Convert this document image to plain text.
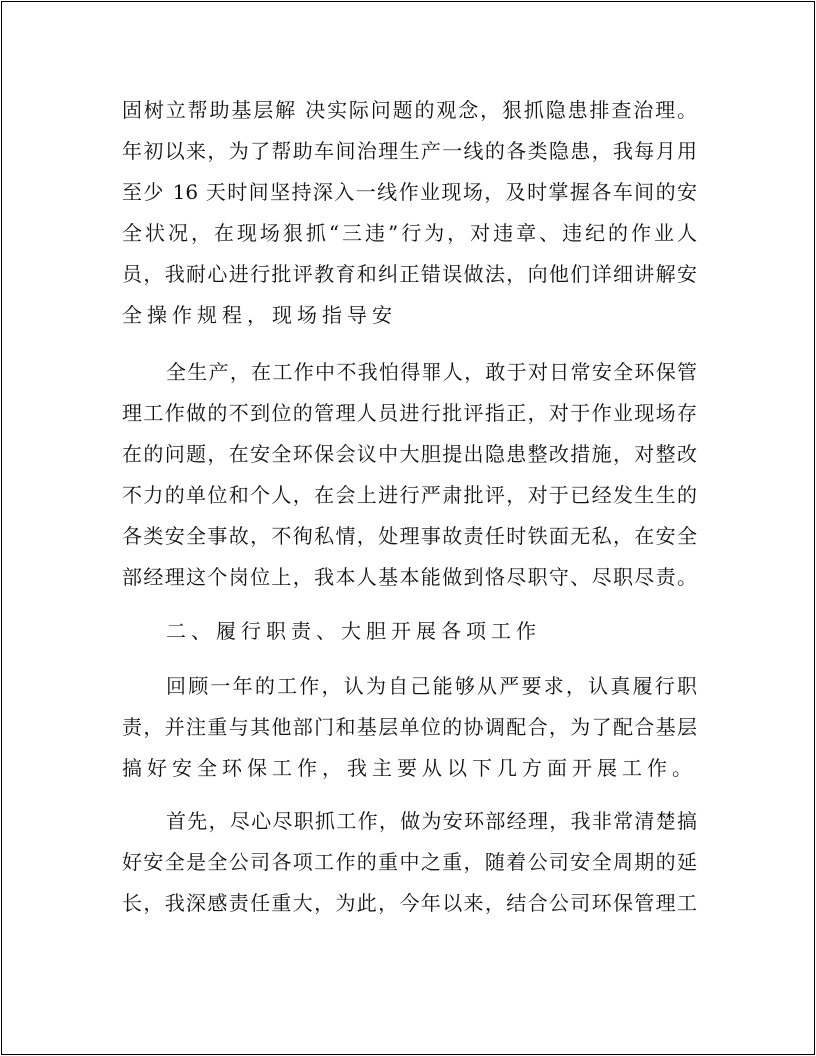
固树立帮助基层解 决实际问题的观念，狠抓隐患排查治理。
年初以来，为了帮助车间治理生产一线的各类隐患，我每月用
至少 16 天时间坚持深入一线作业现场，及时掌握各车间的安
全状况，在现场狠抓“三违”行为，对违章、违纪的作业人
员，我耐心进行批评教育和纠正错误做法，向他们详细讲解安
全操作规程，现场指导安
全生产，在工作中不我怕得罪人，敢于对日常安全环保管
理工作做的不到位的管理人员进行批评指正，对于作业现场存
在的问题，在安全环保会议中大胆提出隐患整改措施，对整改
不力的单位和个人，在会上进行严肃批评，对于已经发生生的
各类安全事故，不徇私情，处理事故责任时铁面无私，在安全
部经理这个岗位上，我本人基本能做到恪尽职守、尽职尽责。
二、履行职责、大胆开展各项工作
回顾一年的工作，认为自己能够从严要求，认真履行职
责，并注重与其他部门和基层单位的协调配合，为了配合基层
搞好安全环保工作，我主要从以下几方面开展工作。
首先，尽心尽职抓工作，做为安环部经理，我非常清楚搞
好安全是全公司各项工作的重中之重，随着公司安全周期的延
长，我深感责任重大，为此，今年以来，结合公司环保管理工
